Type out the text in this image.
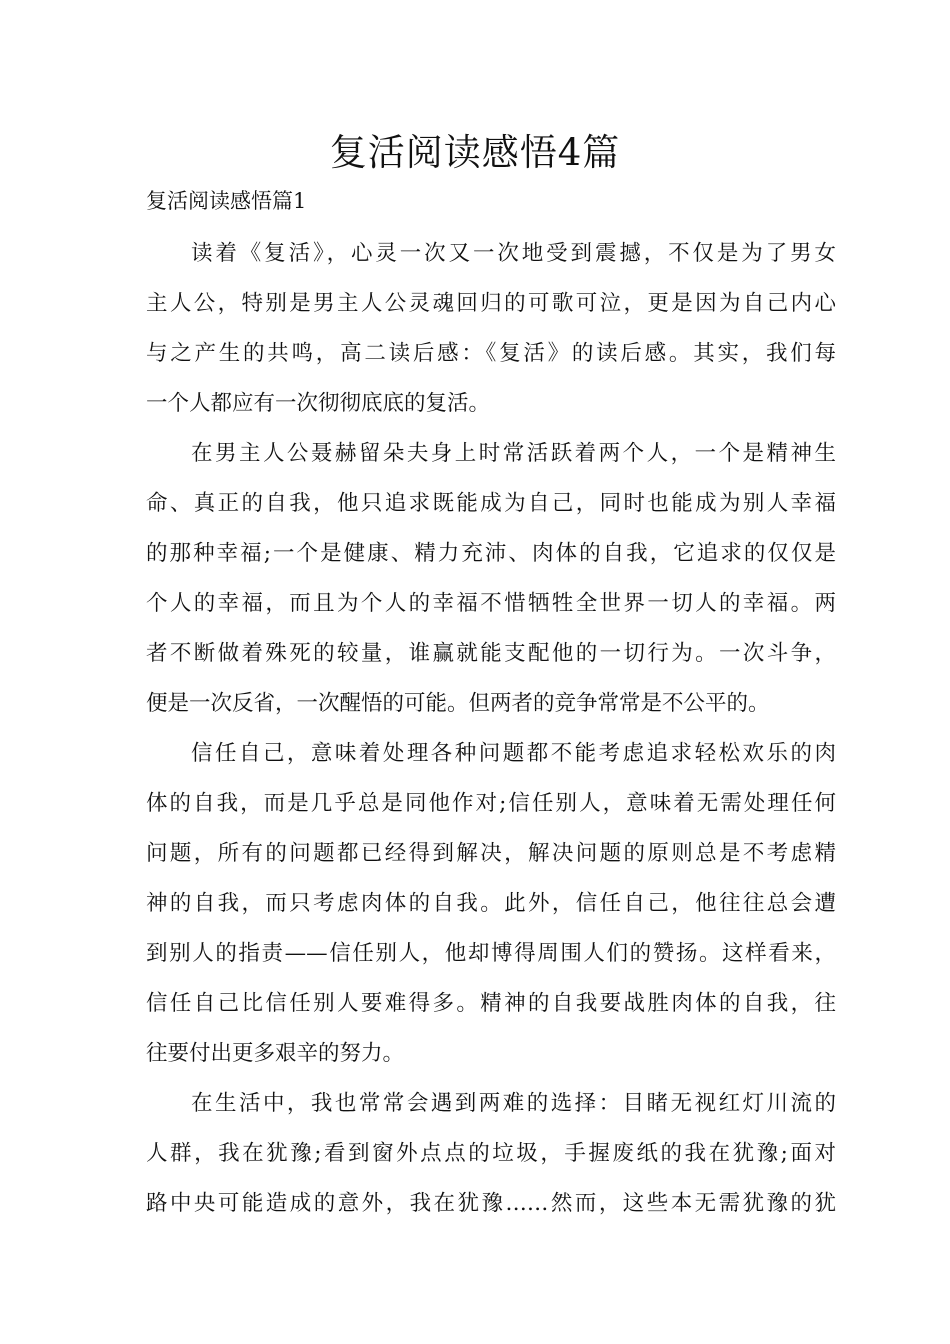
复活阅读感悟4篇
复活阅读感悟篇1
读着《复活》，心灵一次又一次地受到震撼，不仅是为了男女
主人公，特别是男主人公灵魂回归的可歌可泣，更是因为自己内心
与之产生的共鸣，高二读后感：《复活》的读后感。其实，我们每
一个人都应有一次彻彻底底的复活。
在男主人公聂赫留朵夫身上时常活跃着两个人，一个是精神生
命、真正的自我，他只追求既能成为自己，同时也能成为别人幸福
的那种幸福;一个是健康、精力充沛、肉体的自我，它追求的仅仅是
个人的幸福，而且为个人的幸福不惜牺牲全世界一切人的幸福。两
者不断做着殊死的较量，谁赢就能支配他的一切行为。一次斗争，
便是一次反省，一次醒悟的可能。但两者的竞争常常是不公平的。
信任自己，意味着处理各种问题都不能考虑追求轻松欢乐的肉
体的自我，而是几乎总是同他作对;信任别人，意味着无需处理任何
问题，所有的问题都已经得到解决，解决问题的原则总是不考虑精
神的自我，而只考虑肉体的自我。此外，信任自己，他往往总会遭
到别人的指责——信任别人，他却博得周围人们的赞扬。这样看来，
信任自己比信任别人要难得多。精神的自我要战胜肉体的自我，往
往要付出更多艰辛的努力。
在生活中，我也常常会遇到两难的选择：目睹无视红灯川流的
人群，我在犹豫;看到窗外点点的垃圾，手握废纸的我在犹豫;面对
路中央可能造成的意外，我在犹豫……然而，这些本无需犹豫的犹
